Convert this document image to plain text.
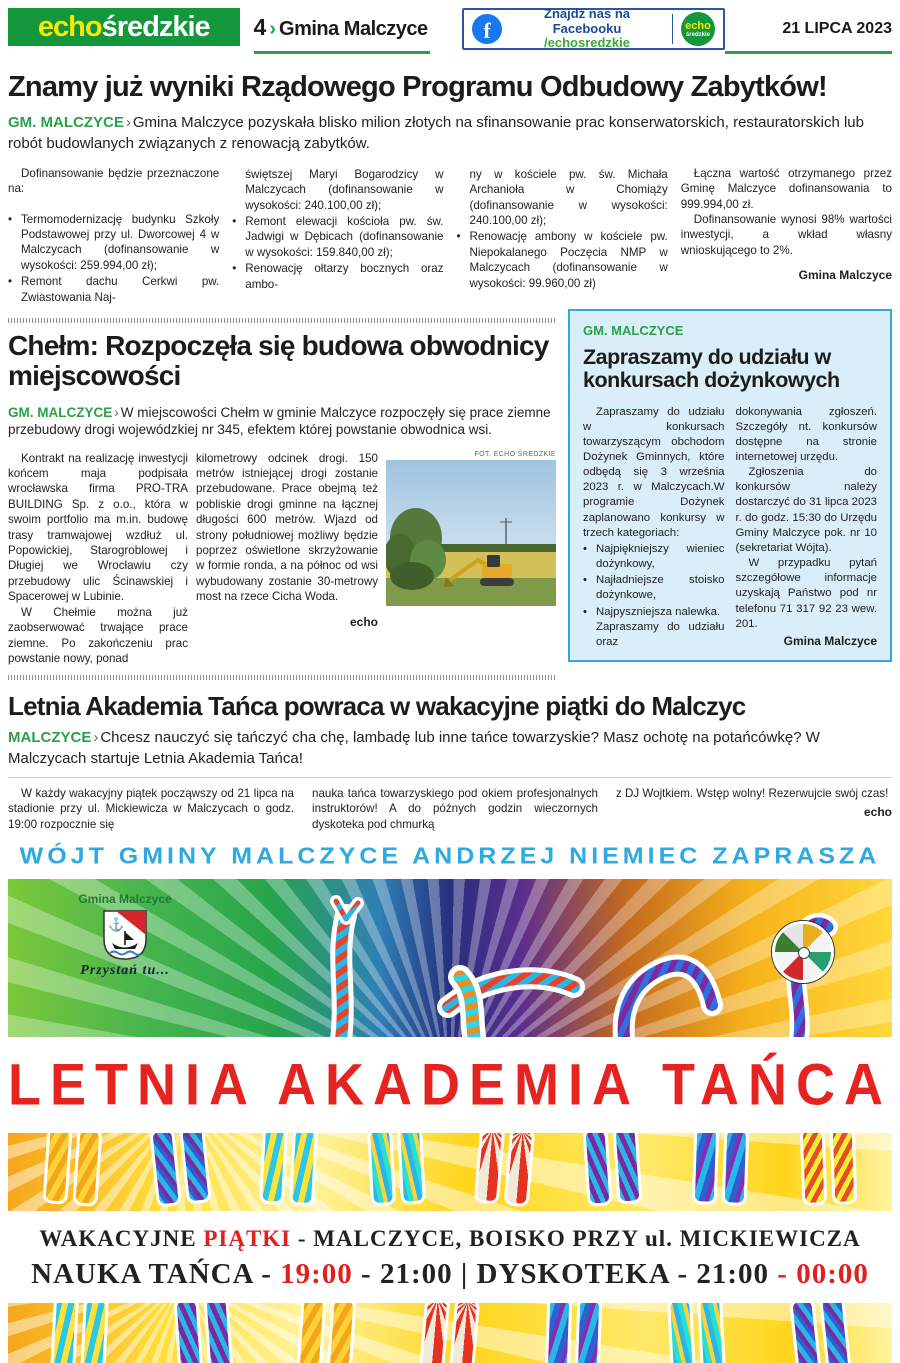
echo średzkie 4 › Gmina Malczyce	f
Znajdź nas na Facebooku
/echosredzkie
echo
średzkie	21 LIPCA 2023
Znamy już wyniki Rządowego Programu Odbudowy Zabytków!

GM. MALCZYCE › Gmina Malczyce pozyskała blisko milion złotych na sfinansowanie prac konserwatorskich, restauratorskich lub robót budowlanych związanych z renowacją zabytków.

Dofinansowanie będzie przeznaczone na:

• Termomodernizację budynku Szkoły Podstawowej przy ul. Dworcowej 4 w Malczycach (dofinansowanie w wysokości: 259.994,00 zł);
• Remont dachu Cerkwi pw. Zwiastowania Naj-
świętszej Maryi Bogarodzicy w Malczycach (dofinansowanie w wysokości: 240.100,00 zł);
• Remont elewacji kościoła pw. św. Jadwigi w Dębicach (dofinansowanie w wysokości: 159.840,00 zł);
• Renowację ołtarzy bocznych oraz ambo-
ny w kościele pw. św. Michała Archanioła w Chomiąży (dofinansowanie w wysokości: 240.100,00 zł);
• Renowację ambony w kościele pw. Niepokalanego Poczęcia NMP w Malczycach (dofinansowanie w wysokości: 99.960,00 zł)

Łączna wartość otrzymanego przez Gminę Malczyce dofinansowania to 999.994,00 zł.

Dofinansowanie wynosi 98% wartości inwestycji, a wkład własny wnioskującego to 2%.

Gmina Malczyce

Chełm: Rozpoczęła się budowa obwodnicy miejscowości

GM. MALCZYCE › W miejscowości Chełm w gminie Malczyce rozpoczęły się prace ziemne przebudowy drogi wojewódzkiej nr 345, efektem której powstanie obwodnica wsi.

Kontrakt na realizację inwestycji końcem maja podpisała wrocławska firma PRO-TRA BUILDING Sp. z o.o., która w swoim portfolio ma m.in. budowę trasy tramwajowej wzdłuż ul. Popowickiej, Starogroblowej i Długiej we Wrocławiu czy przebudowy ulic Ścinawskiej i Spacerowej w Lubinie.

W Chełmie można już zaobserwować trwające prace ziemne. Po zakończeniu prac powstanie nowy, ponad

kilometrowy odcinek drogi. 150 metrów istniejącej drogi zostanie przebudowane. Prace obejmą też pobliskie drogi gminne na łącznej długości 600 metrów. Wjazd od strony południowej możliwy będzie poprzez oświetlone skrzyżowanie w formie ronda, a na północ od wsi wybudowany zostanie 30-metrowy most na rzece Cicha Woda.

echo

FOT. ECHO ŚREDZKIE
GM. MALCZYCE
Zapraszamy do udziału w konkursach dożynkowych

Zapraszamy do udziału w konkursach towarzyszącym obchodom Dożynek Gminnych, które odbędą się 3 września 2023 r. w Malczycach.W programie Dożynek zaplanowano konkursy w trzech kategoriach:

• Najpiękniejszy wieniec dożynkowy,
• Najładniejsze stoisko dożynkowe,
• Najpyszniejsza nalewka.

Zapraszamy do udziału oraz

dokonywania zgłoszeń. Szczegóły nt. konkursów dostępne na stronie internetowej urzędu.

Zgłoszenia do konkursów należy dostarczyć do 31 lipca 2023 r. do godz. 15:30 do Urzędu Gminy Malczyce pok. nr 10 (sekretariat Wójta).

W przypadku pytań szczegółowe informacje uzyskają Państwo pod nr telefonu 71 317 92 23 wew. 201.

Gmina Malczyce

Letnia Akademia Tańca powraca w wakacyjne piątki do Malczyc

MALCZYCE › Chcesz nauczyć się tańczyć cha chę, lambadę lub inne tańce towarzyskie? Masz ochotę na potańcówkę? W Malczycach startuje Letnia Akademia Tańca!

W każdy wakacyjny piątek począwszy od 21 lipca na stadionie przy ul. Mickiewicza w Malczycach o godz. 19:00 rozpocznie się

nauka tańca towarzyskiego pod okiem profesjonalnych instruktorów! A do późnych godzin wieczornych dyskoteka pod chmurką

z DJ Wojtkiem. Wstęp wolny! Rezerwujcie swój czas!

echo

WÓJT GMINY MALCZYCE ANDRZEJ NIEMIEC ZAPRASZA
Gmina Malczyce
⚓
Przystań tu...
LETNIA AKADEMIA TAŃCA
WAKACYJNE PIĄTKI - MALCZYCE, BOISKO PRZY ul. MICKIEWICZA
NAUKA TAŃCA - 19:00 - 21:00 | DYSKOTEKA - 21:00 - 00:00
